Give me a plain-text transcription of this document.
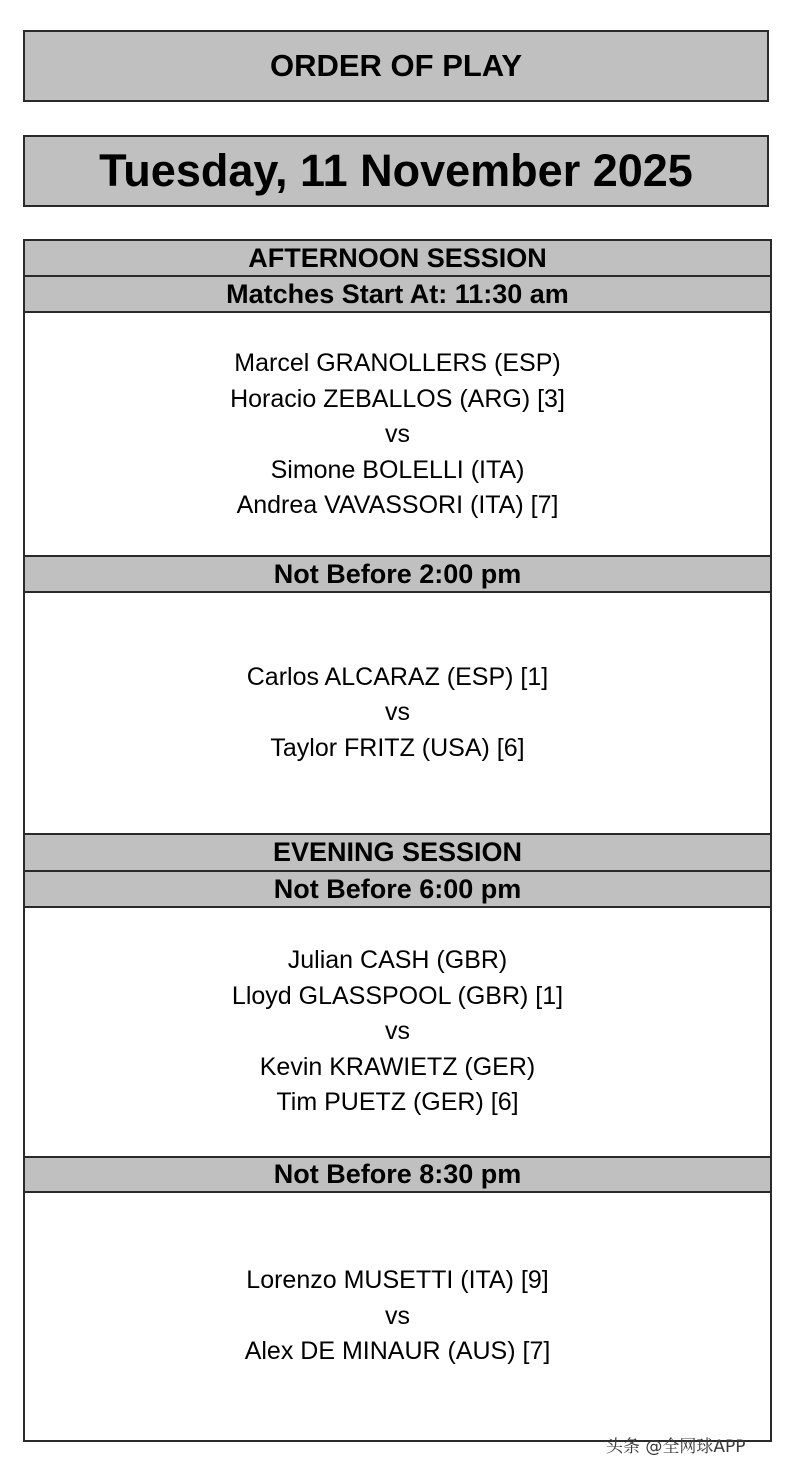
ORDER OF PLAY
Tuesday, 11 November 2025
AFTERNOON SESSION
Matches Start At: 11:30 am
Marcel GRANOLLERS (ESP)
Horacio ZEBALLOS (ARG) [3]
vs
Simone BOLELLI (ITA)
Andrea VAVASSORI (ITA) [7]
Not Before 2:00 pm
Carlos ALCARAZ (ESP) [1]
vs
Taylor FRITZ (USA) [6]
EVENING SESSION
Not Before 6:00 pm
Julian CASH (GBR)
Lloyd GLASSPOOL (GBR) [1]
vs
Kevin KRAWIETZ (GER)
Tim PUETZ (GER) [6]
Not Before 8:30 pm
Lorenzo MUSETTI (ITA) [9]
vs
Alex DE MINAUR (AUS) [7]
头条 @全网球APP
